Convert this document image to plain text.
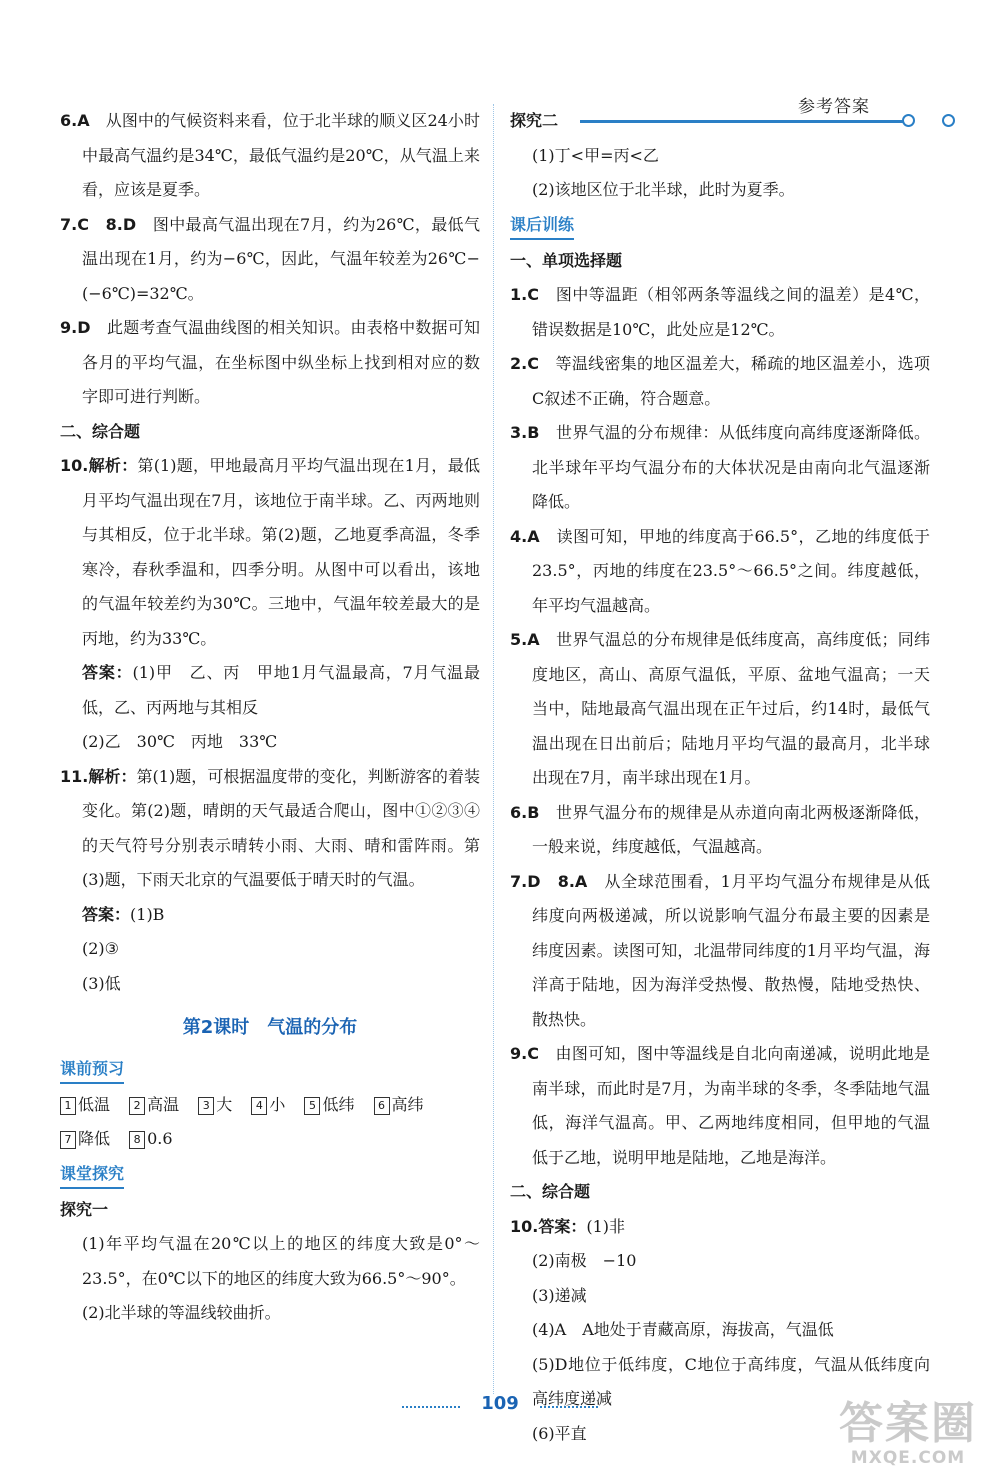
参考答案

6.A　 从图中的气候资料来看，位于北半球的顺义区24小时中最高气温约是34℃，最低气温约是20℃，从气温上来看，应该是夏季。

7.C　 8.D　 图中最高气温出现在7月，约为26℃，最低气温出现在1月，约为−6℃，因此，气温年较差为26℃−(−6℃)=32℃。

9.D　 此题考查气温曲线图的相关知识。由表格中数据可知各月的平均气温，在坐标图中纵坐标上找到相对应的数字即可进行判断。

二、综合题

10.解析：第(1)题，甲地最高月平均气温出现在1月，最低月平均气温出现在7月，该地位于南半球。乙、丙两地则与其相反，位于北半球。第(2)题，乙地夏季高温，冬季寒冷，春秋季温和，四季分明。从图中可以看出，该地的气温年较差约为30℃。三地中，气温年较差最大的是丙地，约为33℃。

答案：(1)甲　乙、丙　甲地1月气温最高，7月气温最低，乙、丙两地与其相反

(2)乙　30℃　丙地　33℃

11.解析：第(1)题，可根据温度带的变化，判断游客的着装变化。第(2)题，晴朗的天气最适合爬山，图中①②③④的天气符号分别表示晴转小雨、大雨、晴和雷阵雨。第(3)题，下雨天北京的气温要低于晴天时的气温。

答案：(1)B

(2)③

(3)低

第2课时　气温的分布

课前预习

1 低温 2 高温 3 大 4 小 5 低纬 6 高纬

7 降低 8 0.6

课堂探究

探究一

(1)年平均气温在20℃以上的地区的纬度大致是0°～23.5°，在0℃以下的地区的纬度大致为66.5°～90°。

(2)北半球的等温线较曲折。

探究二

(1)丁<甲=丙<乙

(2)该地区位于北半球，此时为夏季。

课后训练

一、单项选择题

1.C　 图中等温距（相邻两条等温线之间的温差）是4℃，错误数据是10℃，此处应是12℃。

2.C　 等温线密集的地区温差大，稀疏的地区温差小，选项C叙述不正确，符合题意。

3.B　 世界气温的分布规律：从低纬度向高纬度逐渐降低。北半球年平均气温分布的大体状况是由南向北气温逐渐降低。

4.A　 读图可知，甲地的纬度高于66.5°，乙地的纬度低于23.5°，丙地的纬度在23.5°～66.5°之间。纬度越低，年平均气温越高。

5.A　 世界气温总的分布规律是低纬度高，高纬度低；同纬度地区，高山、高原气温低，平原、盆地气温高；一天当中，陆地最高气温出现在正午过后，约14时，最低气温出现在日出前后；陆地月平均气温的最高月，北半球出现在7月，南半球出现在1月。

6.B　 世界气温分布的规律是从赤道向南北两极逐渐降低，一般来说，纬度越低，气温越高。

7.D　 8.A　 从全球范围看，1月平均气温分布规律是从低纬度向两极递减，所以说影响气温分布最主要的因素是纬度因素。读图可知，北温带同纬度的1月平均气温，海洋高于陆地，因为海洋受热慢、散热慢，陆地受热快、散热快。

9.C　 由图可知，图中等温线是自北向南递减，说明此地是南半球，而此时是7月，为南半球的冬季，冬季陆地气温低，海洋气温高。甲、乙两地纬度相同，但甲地的气温低于乙地，说明甲地是陆地，乙地是海洋。

二、综合题

10.答案：(1)非

(2)南极　−10

(3)递减

(4)A　A地处于青藏高原，海拔高，气温低

(5)D地位于低纬度，C地位于高纬度，气温从低纬度向高纬度递减

(6)平直

109	答案圈
MXQE.COM
